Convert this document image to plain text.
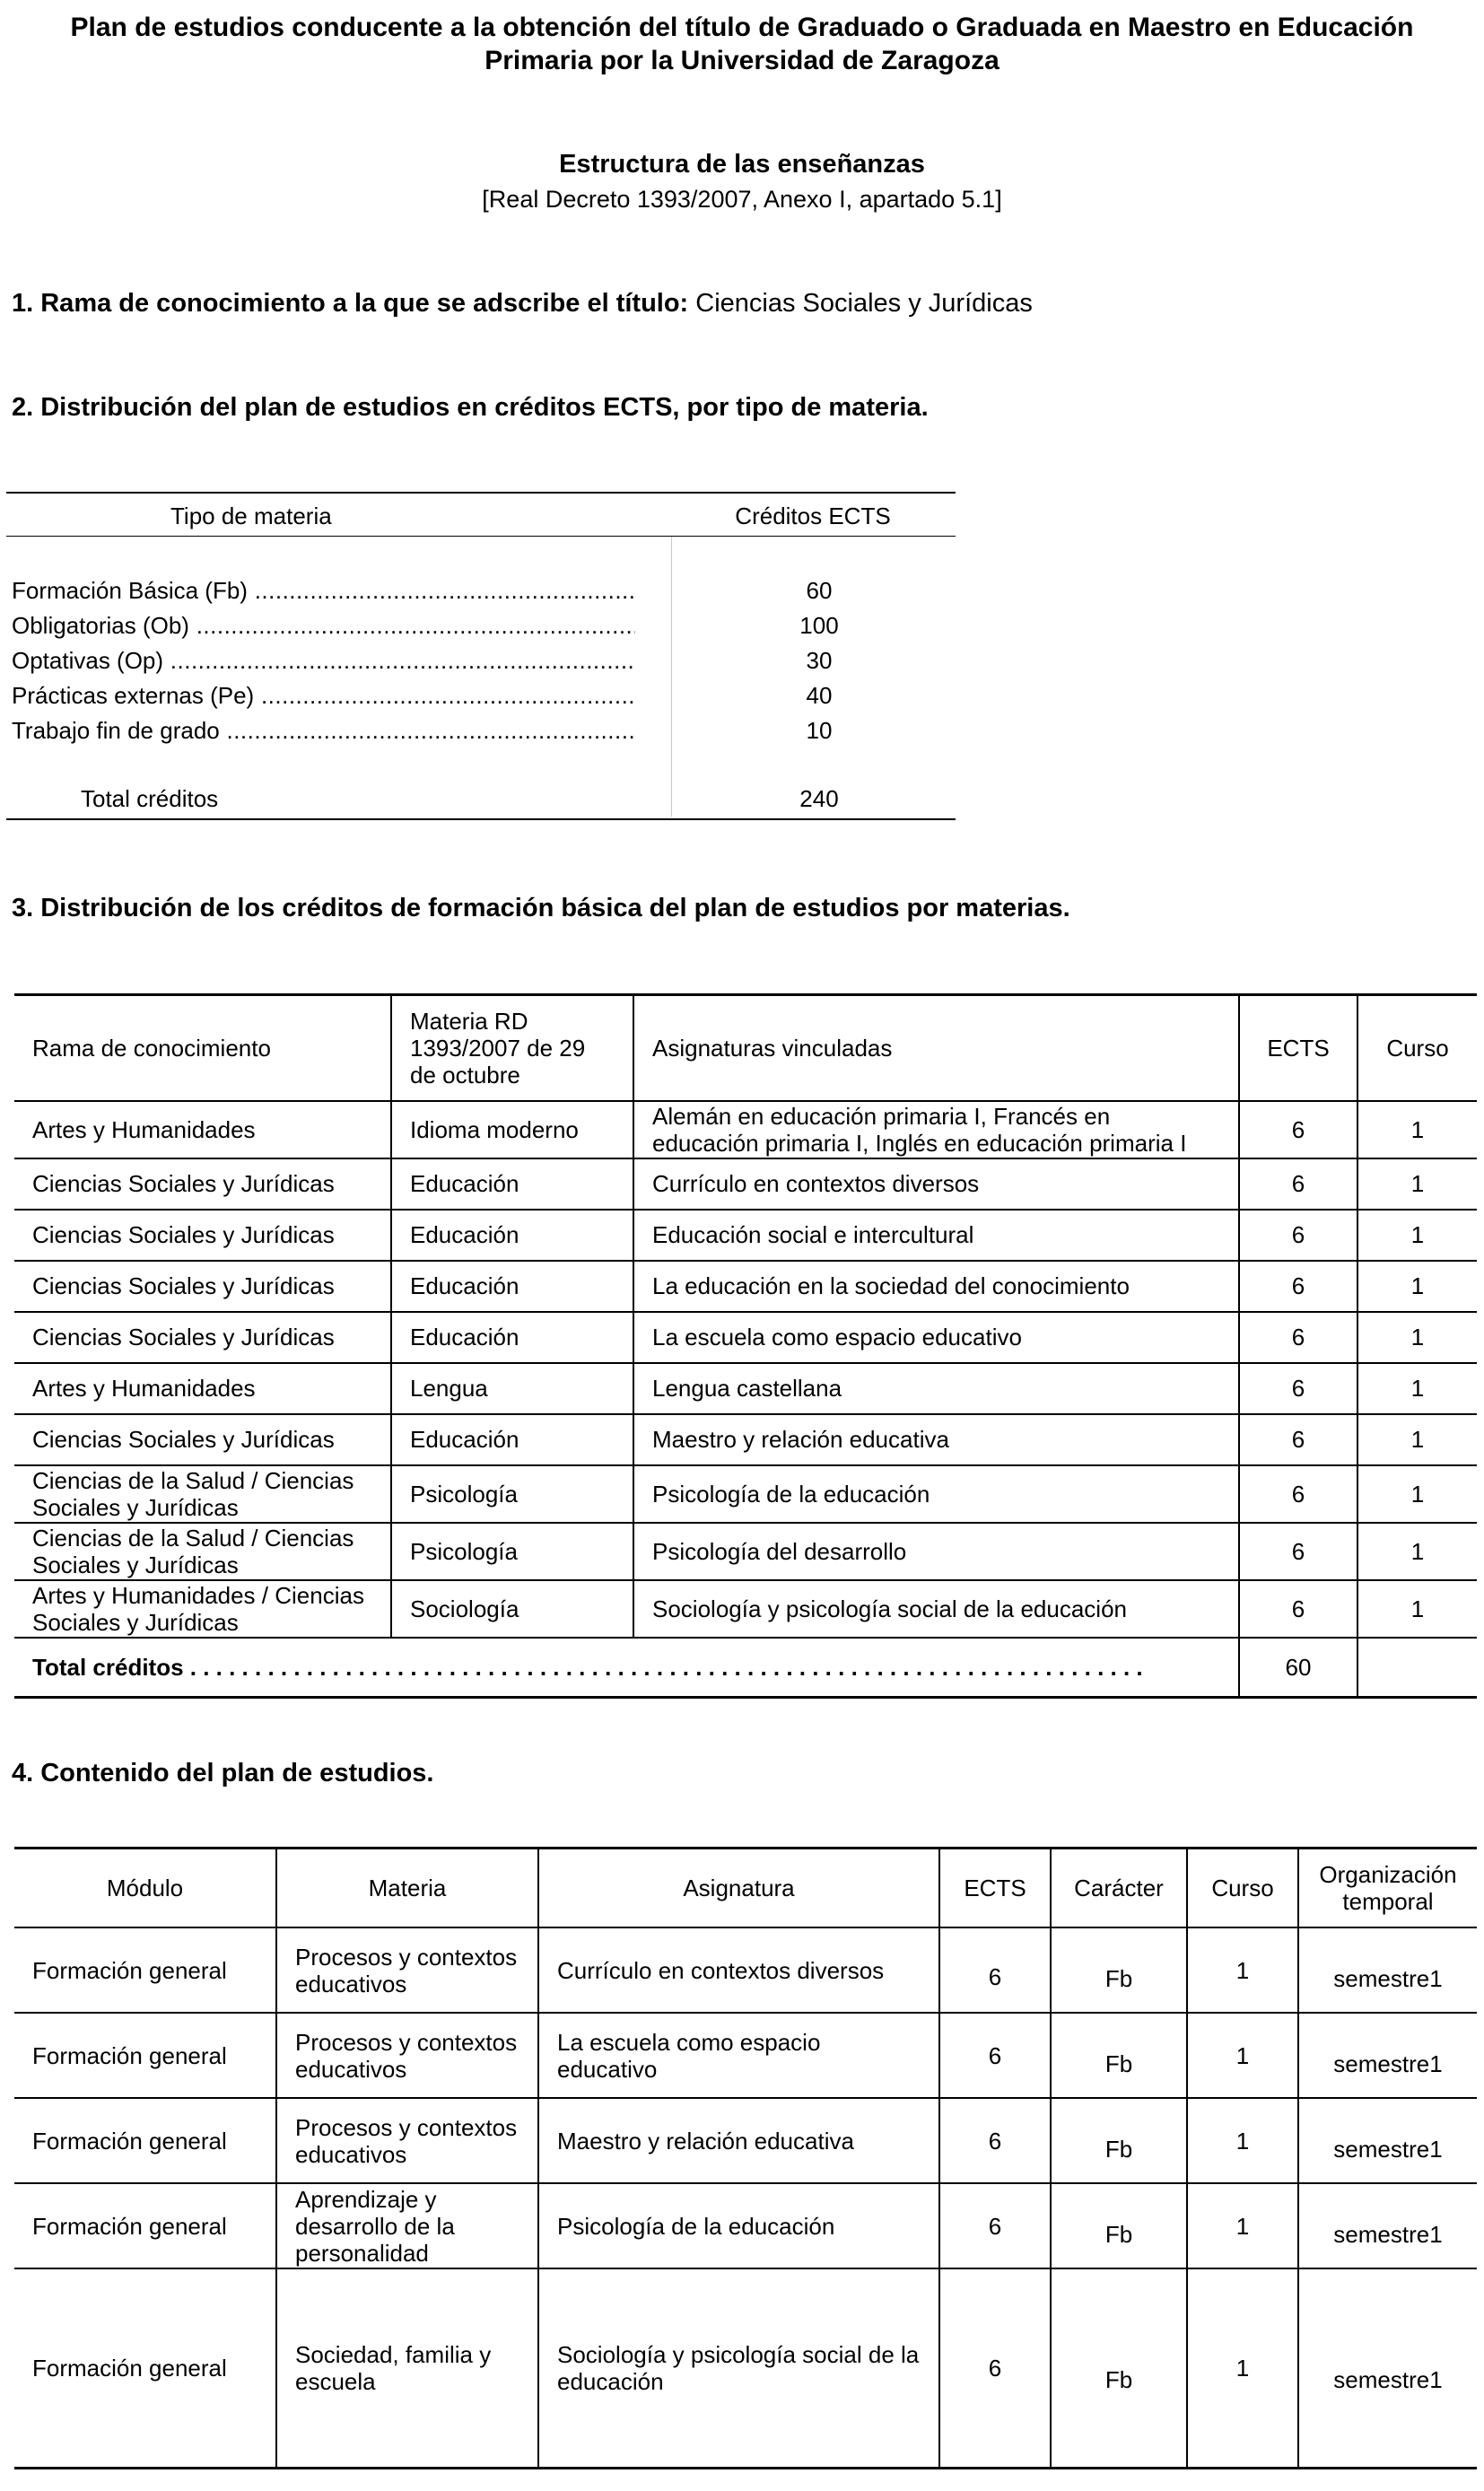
Plan de estudios conducente a la obtención del título de Graduado o Graduada en Maestro en Educación
Primaria por la Universidad de Zaragoza
Estructura de las enseñanzas
[Real Decreto 1393/2007, Anexo I, apartado 5.1]
1. Rama de conocimiento a la que se adscribe el título: Ciencias Sociales y Jurídicas
2. Distribución del plan de estudios en créditos ECTS, por tipo de materia.
Tipo de materia	Créditos ECTS
Formación Básica (Fb) .....	60
Obligatorias (Ob) .....	100
Optativas (Op) .....	30
Prácticas externas (Pe) .....	40
Trabajo fin de grado .....	10
Total créditos	240
3. Distribución de los créditos de formación básica del plan de estudios por materias.
Rama de conocimiento	Materia RD 1393/2007 de 29 de octubre	Asignaturas vinculadas	ECTS	Curso
Artes y Humanidades	Idioma moderno	Alemán en educación primaria I, Francés en educación primaria I, Inglés en educación primaria I	6	1
Ciencias Sociales y Jurídicas	Educación	Currículo en contextos diversos	6	1
Ciencias Sociales y Jurídicas	Educación	Educación social e intercultural	6	1
Ciencias Sociales y Jurídicas	Educación	La educación en la sociedad del conocimiento	6	1
Ciencias Sociales y Jurídicas	Educación	La escuela como espacio educativo	6	1
Artes y Humanidades	Lengua	Lengua castellana	6	1
Ciencias Sociales y Jurídicas	Educación	Maestro y relación educativa	6	1
Ciencias de la Salud / Ciencias Sociales y Jurídicas	Psicología	Psicología de la educación	6	1
Ciencias de la Salud / Ciencias Sociales y Jurídicas	Psicología	Psicología del desarrollo	6	1
Artes y Humanidades / Ciencias Sociales y Jurídicas	Sociología	Sociología y psicología social de la educación	6	1

Total créditos . . . . . . . . . . . . . . . . . . . . . . . . . . . . . . . . . . . . . . . . . . . . . . . . . . . . . . . . . . . . . . . . . . . . . . . . . .			60	
4. Contenido del plan de estudios.
Módulo	Materia	Asignatura	ECTS	Carácter	Curso	Organización temporal
Formación general	Procesos y contextos educativos	Currículo en contextos diversos	6	Fb	1	semestre1
Formación general	Procesos y contextos educativos	La escuela como espacio educativo	6	Fb	1	semestre1
Formación general	Procesos y contextos educativos	Maestro y relación educativa	6	Fb	1	semestre1
Formación general	Aprendizaje y desarrollo de la personalidad	Psicología de la educación	6	Fb	1	semestre1
Formación general	Sociedad, familia y escuela	Sociología y psicología social de la educación	6	Fb	1	semestre1
